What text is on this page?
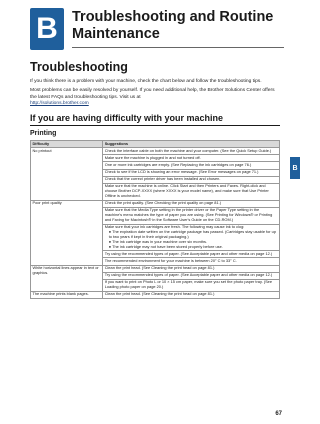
B Troubleshooting and Routine Maintenance
B
Troubleshooting

If you think there is a problem with your machine, check the chart below and follow the troubleshooting tips.

Most problems can be easily resolved by yourself. If you need additional help, the Brother Solutions Center offers the latest FAQs and troubleshooting tips. Visit us at
http://solutions.brother.com

If you are having difficulty with your machine
Printing
Difficulty	Suggestions
No printout	Check the interface cable on both the machine and your computer. (See the Quick Setup Guide.)
	Make sure the machine is plugged in and not turned off.
	One or more ink cartridges are empty. (See Replacing the ink cartridges on page 76.)
	Check to see if the LCD is showing an error message. (See Error messages on page 71.)
	Check that the correct printer driver has been installed and chosen.
	Make sure that the machine is online. Click Start and then Printers and Faxes. Right-click and choose Brother DCP-XXXX (where XXXX is your model name), and make sure that Use Printer Offline is unchecked.
Poor print quality	Check the print quality. (See Checking the print quality on page 81.)
	Make sure that the Media Type setting in the printer driver or the Paper Type setting in the machine's menu matches the type of paper you are using. (See Printing for Windows® or Printing and Faxing for Macintosh® in the Software User's Guide on the CD-ROM.)
	Make sure that your ink cartridges are fresh. The following may cause ink to clog:
● The expiration date written on the cartridge package has passed. (Cartridges stay usable for up to two years if kept in their original packaging.)
● The ink cartridge was in your machine over six months.
● The ink cartridge may not have been stored properly before use.

	Try using the recommended types of paper. (See Acceptable paper and other media on page 12.)
	The recommended environment for your machine is between 20° C to 33° C.
White horizontal lines appear in text or graphics.	Clean the print head. (See Cleaning the print head on page 81.)
	Try using the recommended types of paper. (See Acceptable paper and other media on page 12.)
	If you want to print on Photo L or 10 × 15 cm paper, make sure you set the photo paper tray. (See Loading photo paper on page 20.)
The machine prints blank pages.	Clean the print head. (See Cleaning the print head on page 81.)
67
